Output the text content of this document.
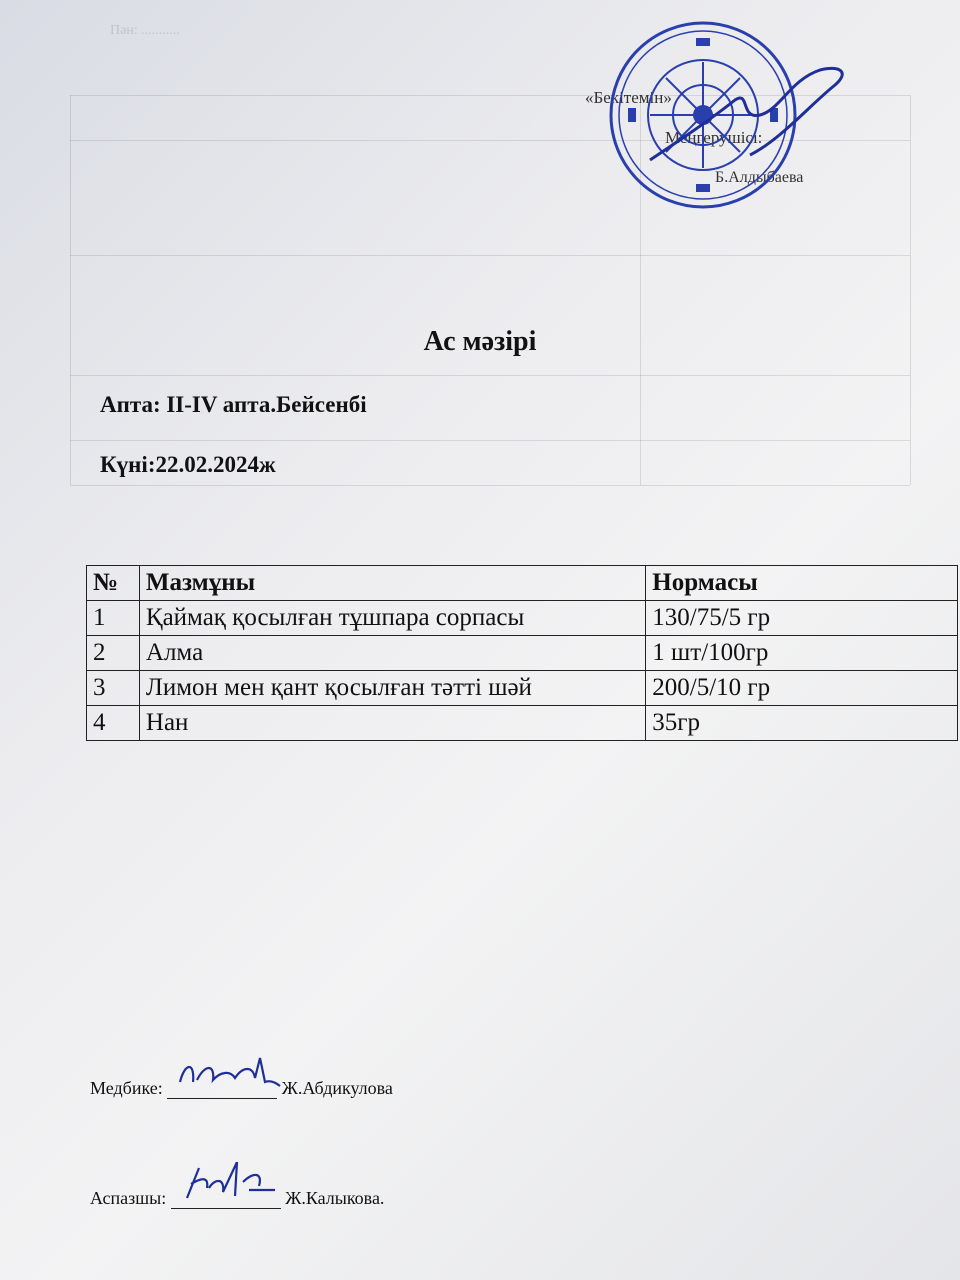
Пән: ...........
«Бекітемін»
Меңгерушісі:
Б.Алдыбаева
Ас мәзірі
Апта: II-IV апта.Бейсенбі
Күні:22.02.2024ж
№	Мазмұны	Нормасы
1	Қаймақ қосылған тұшпара сорпасы	130/75/5 гр
2	Алма	1 шт/100гр
3	Лимон мен қант қосылған тәтті шәй	200/5/10 гр
4	Нан	35гр
Медбике:	Ж.Абдикулова
Аспазшы:	Ж.Калыкова.
